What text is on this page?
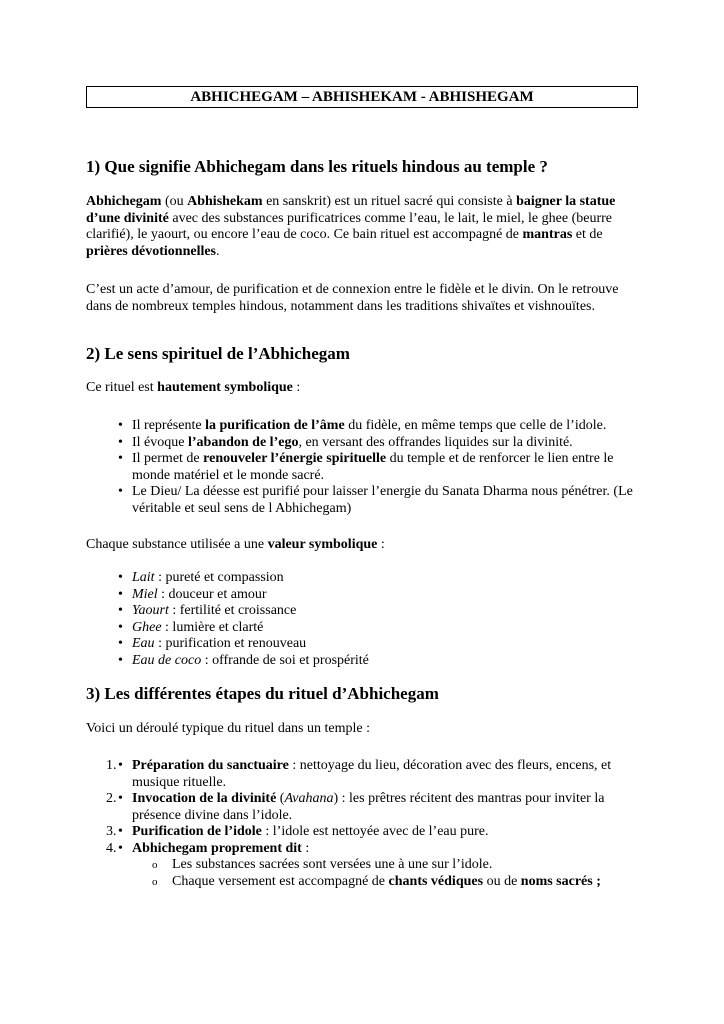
ABHICHEGAM – ABHISHEKAM - ABHISHEGAM
1) Que signifie Abhichegam dans les rituels hindous au temple ?
Abhichegam (ou Abhishekam en sanskrit) est un rituel sacré qui consiste à baigner la statue d’une divinité avec des substances purificatrices comme l’eau, le lait, le miel, le ghee (beurre clarifié), le yaourt, ou encore l’eau de coco. Ce bain rituel est accompagné de mantras et de prières dévotionnelles.
C’est un acte d’amour, de purification et de connexion entre le fidèle et le divin. On le retrouve dans de nombreux temples hindous, notamment dans les traditions shivaïtes et vishnouïtes.
2) Le sens spirituel de l’Abhichegam
Ce rituel est hautement symbolique :
• Il représente la purification de l’âme du fidèle, en même temps que celle de l’idole.
• Il évoque l’abandon de l’ego, en versant des offrandes liquides sur la divinité.
• Il permet de renouveler l’énergie spirituelle du temple et de renforcer le lien entre le monde matériel et le monde sacré.
• Le Dieu/ La déesse est purifié pour laisser l’energie du Sanata Dharma nous pénétrer. (Le véritable et seul sens de l Abhichegam)
Chaque substance utilisée a une valeur symbolique :
• Lait : pureté et compassion
• Miel : douceur et amour
• Yaourt : fertilité et croissance
• Ghee : lumière et clarté
• Eau : purification et renouveau
• Eau de coco : offrande de soi et prospérité
3) Les différentes étapes du rituel d’Abhichegam
Voici un déroulé typique du rituel dans un temple :
• 1. Préparation du sanctuaire : nettoyage du lieu, décoration avec des fleurs, encens, et musique rituelle.
• 2. Invocation de la divinité (Avahana) : les prêtres récitent des mantras pour inviter la présence divine dans l’idole.
• 3. Purification de l’idole : l’idole est nettoyée avec de l’eau pure.
• 4. Abhichegam proprement dit :
o Les substances sacrées sont versées une à une sur l’idole.
o Chaque versement est accompagné de chants védiques ou de noms sacrés ;
